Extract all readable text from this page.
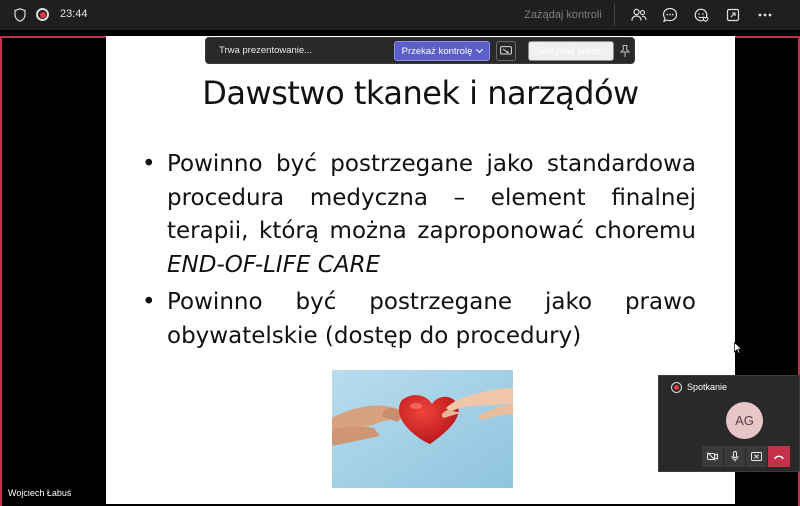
23:44	Zażądaj kontroli
Dawstwo tkanek i narządów
• Powinno być postrzegane jako standardowa procedura medyczna – element finalnej terapii, którą można zaproponować choremu END-OF-LIFE CARE
• Powinno być postrzegane jako prawo obywatelskie (dostęp do procedury)
Trwa prezentowanie...	Przekaż kontrolę	Zatrzymaj preze...
Spotkanie
AG
Wojciech Łabuś
